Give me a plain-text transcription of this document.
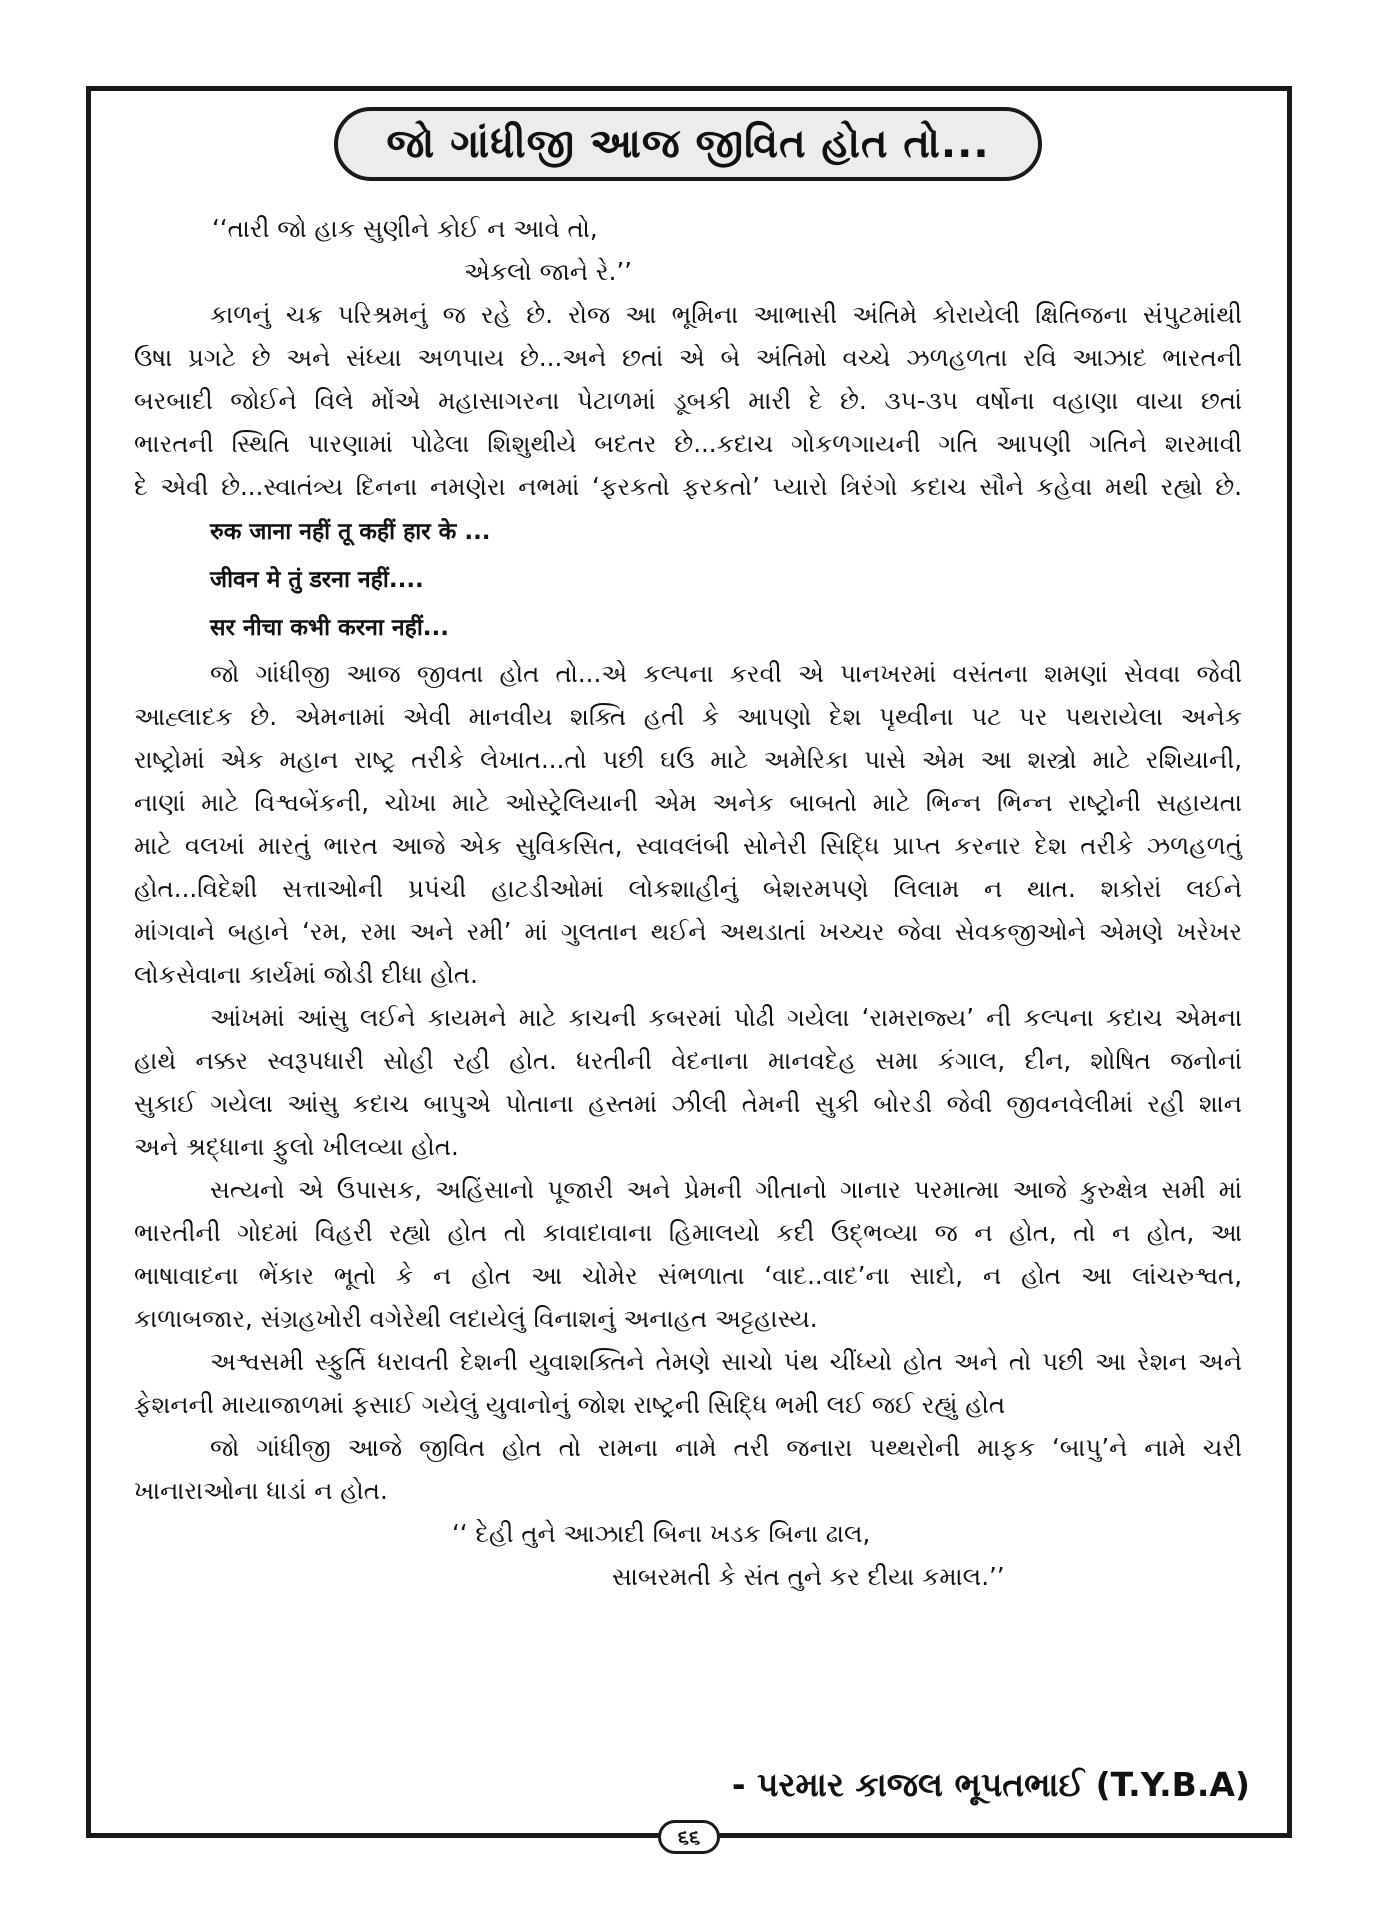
જો ગાંધીજી આજ જીવિત હોત તો...
‘‘તારી જો હાક સુણીને કોઈ ન આવે તો,
એકલો જાને રે.’’
કાળનું ચક્ર પરિશ્રમનું જ રહે છે. રોજ આ ભૂમિના આભાસી અંતિમે કોરાયેલી ક્ષિતિજના સંપુટમાંથી
ઉષા પ્રગટે છે અને સંધ્યા અળપાય છે...અને છતાં એ બે અંતિમો વચ્ચે ઝળહળતા રવિ આઝાદ ભારતની
બરબાદી જોઈને વિલે મોંએ મહાસાગરના પેટાળમાં ડૂબકી મારી દે છે. ૩૫-૩૫ વર્ષોના વહાણા વાયા છતાં
ભારતની સ્થિતિ પારણામાં પોઢેલા શિશુથીયે બદતર છે...કદાચ ગોકળગાયની ગતિ આપણી ગતિને શરમાવી
દે એવી છે...સ્વાતંત્ર્ય દિનના નમણેરા નભમાં ‘ફરકતો ફરકતો’ પ્યારો ત્રિરંગો કદાચ સૌને કહેવા મથી રહ્યો છે.
रुक जाना नहीं तू कहीं हार के ...
जीवन मे तुं डरना नहीं....
सर नीचा कभी करना नहीं...
જો ગાંધીજી આજ જીવતા હોત તો...એ કલ્પના કરવી એ પાનખરમાં વસંતના શમણાં સેવવા જેવી
આહ્લાદક છે. એમનામાં એવી માનવીય શક્તિ હતી કે આપણો દેશ પૃથ્વીના પટ પર પથરાયેલા અનેક
રાષ્ટ્રોમાં એક મહાન રાષ્ટ્ર તરીકે લેખાત...તો પછી ઘઉ માટે અમેરિકા પાસે એમ આ શસ્ત્રો માટે રશિયાની,
નાણાં માટે વિશ્વબેંકની, ચોખા માટે ઓસ્ટ્રેલિયાની એમ અનેક બાબતો માટે ભિન્ન ભિન્ન રાષ્ટ્રોની સહાયતા
માટે વલખાં મારતું ભારત આજે એક સુવિકસિત, સ્વાવલંબી સોનેરી સિદ્ધિ પ્રાપ્ત કરનાર દેશ તરીકે ઝળહળતું
હોત...વિદેશી સત્તાઓની પ્રપંચી હાટડીઓમાં લોકશાહીનું બેશરમપણે લિલામ ન થાત. શકોરાં લઈને
માંગવાને બહાને ‘રમ, રમા અને રમી’ માં ગુલતાન થઈને અથડાતાં ખચ્ચર જેવા સેવકજીઓને એમણે ખરેખર
લોકસેવાના કાર્યમાં જોડી દીધા હોત.
આંખમાં આંસુ લઈને કાયમને માટે કાચની કબરમાં પોઢી ગયેલા ‘રામરાજ્ય’ ની કલ્પના કદાચ એમના
હાથે નક્કર સ્વરૂપધારી સોહી રહી હોત. ધરતીની વેદનાના માનવદેહ સમા કંગાલ, દીન, શોષિત જનોનાં
સુકાઈ ગયેલા આંસુ કદાચ બાપુએ પોતાના હસ્તમાં ઝીલી તેમની સુકી બોરડી જેવી જીવનવેલીમાં રહી શાન
અને શ્રદ્ધાના ફુલો ખીલવ્યા હોત.
સત્યનો એ ઉપાસક, અહિંસાનો પૂજારી અને પ્રેમની ગીતાનો ગાનાર પરમાત્મા આજે કુરુક્ષેત્ર સમી માં
ભારતીની ગોદમાં વિહરી રહ્યો હોત તો કાવાદાવાના હિમાલયો કદી ઉદ્ભવ્યા જ ન હોત, તો ન હોત, આ
ભાષાવાદના ભેંકાર ભૂતો કે ન હોત આ ચોમેર સંભળાતા ‘વાદ..વાદ’ના સાદો, ન હોત આ લાંચરુશ્વત,
કાળાબજાર, સંગ્રહખોરી વગેરેથી લદાયેલું વિનાશનું અનાહત અટ્ટહાસ્ય.
અશ્વસમી સ્ફુર્તિ ધરાવતી દેશની યુવાશક્તિને તેમણે સાચો પંથ ચીંધ્યો હોત અને તો પછી આ રેશન અને
ફેશનની માયાજાળમાં ફસાઈ ગયેલું યુવાનોનું જોશ રાષ્ટ્રની સિદ્ધિ ભમી લઈ જઈ રહ્યું હોત
જો ગાંધીજી આજે જીવિત હોત તો રામના નામે તરી જનારા પથ્થરોની માફક ‘બાપુ’ને નામે ચરી
ખાનારાઓના ધાડાં ન હોત.
‘‘ દેહી તુને આઝાદી બિના ખડક બિના ઢાલ,
સાબરમતી કે સંત તુને કર દીયા કમાલ.’’
- પરમાર કાજલ ભૂપતભાઈ (T.Y.B.A)
૬૬
